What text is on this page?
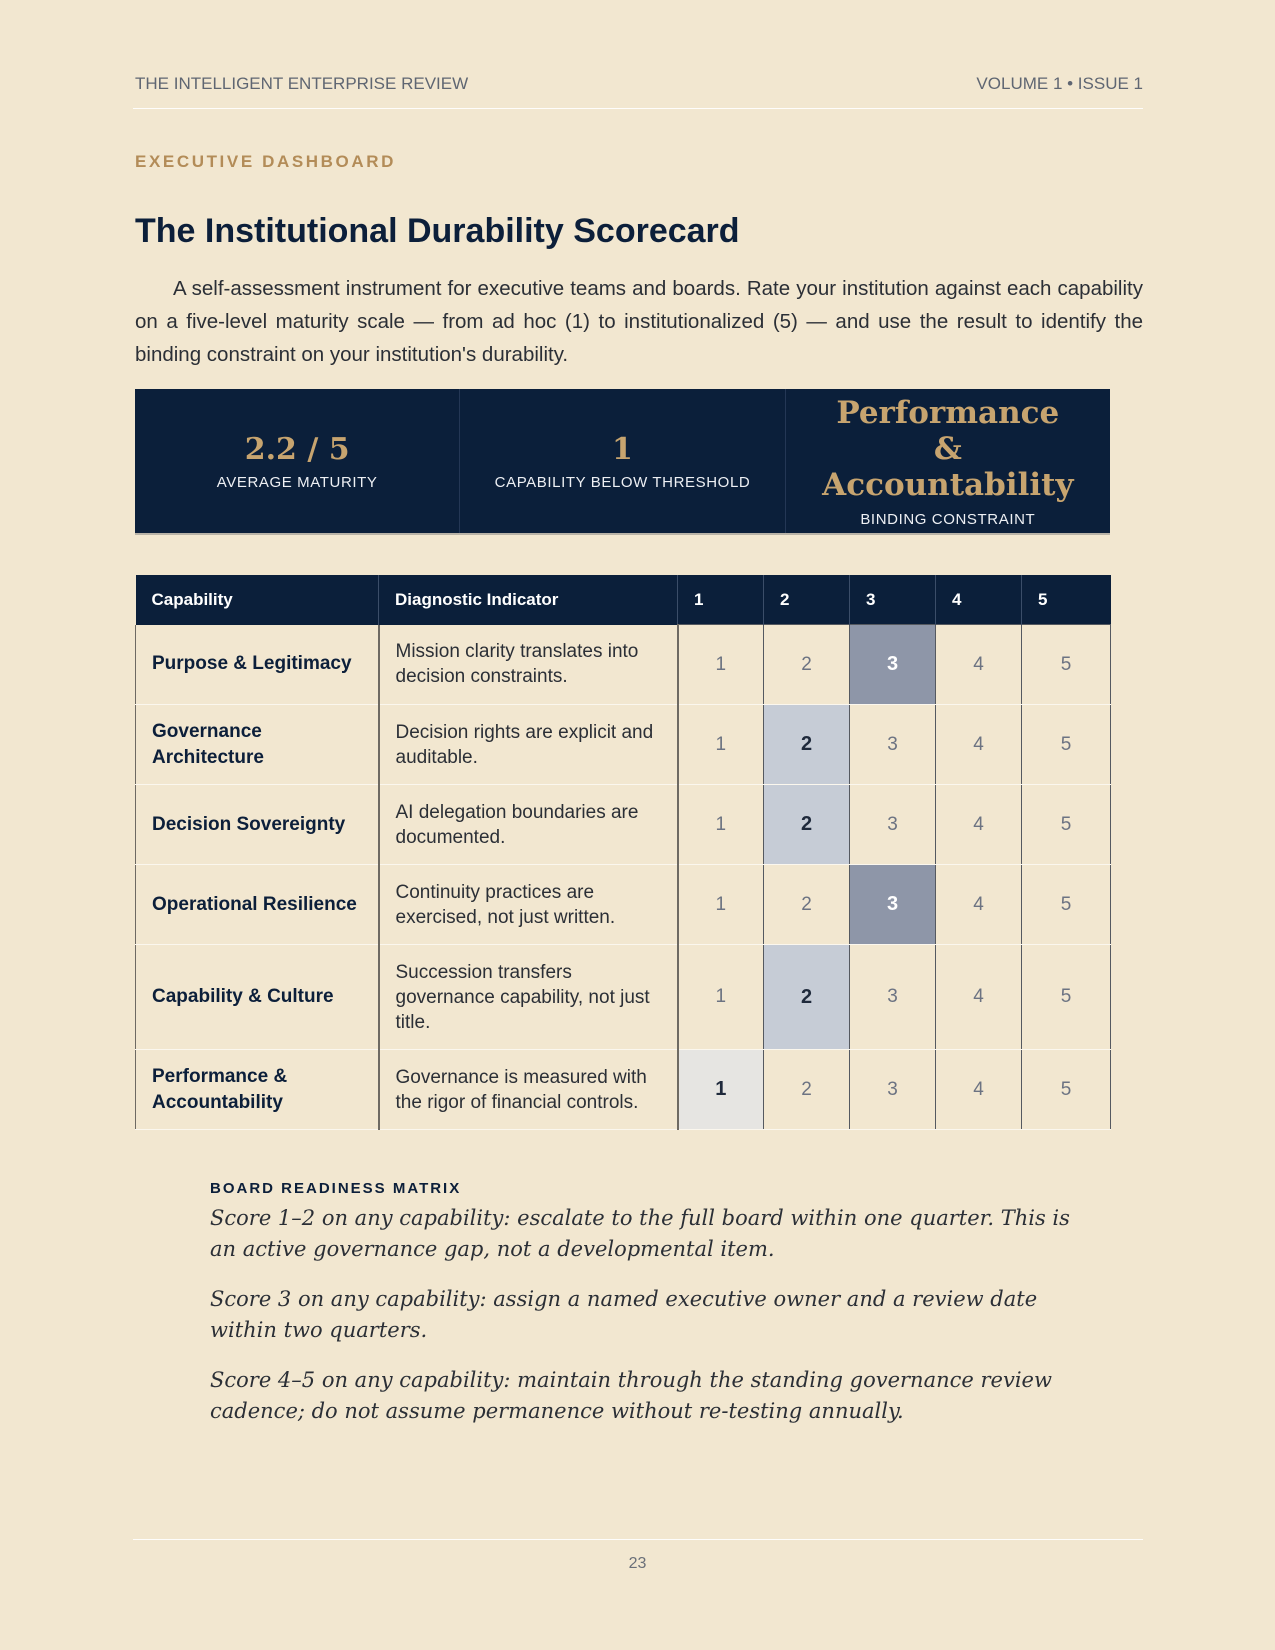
THE INTELLIGENT ENTERPRISE REVIEW	VOLUME 1 • ISSUE 1
EXECUTIVE DASHBOARD
The Institutional Durability Scorecard

A self-assessment instrument for executive teams and boards. Rate your institution against each capability on a five-level maturity scale — from ad hoc (1) to institutionalized (5) — and use the result to identify the binding constraint on your institution's durability.

2.2 / 5
AVERAGE MATURITY
1
CAPABILITY BELOW THRESHOLD
Performance & Accountability
BINDING CONSTRAINT
Capability	Diagnostic Indicator	1	2	3	4	5
Purpose & Legitimacy	Mission clarity translates into decision constraints.	1	2	3	4	5
Governance Architecture	Decision rights are explicit and auditable.	1	2	3	4	5
Decision Sovereignty	AI delegation boundaries are documented.	1	2	3	4	5
Operational Resilience	Continuity practices are exercised, not just written.	1	2	3	4	5
Capability & Culture	Succession transfers governance capability, not just title.	1	2	3	4	5
Performance & Accountability	Governance is measured with the rigor of financial controls.	1	2	3	4	5
BOARD READINESS MATRIX

Score 1–2 on any capability: escalate to the full board within one quarter. This is an active governance gap, not a developmental item.

Score 3 on any capability: assign a named executive owner and a review date within two quarters.

Score 4–5 on any capability: maintain through the standing governance review cadence; do not assume permanence without re-testing annually.

23
